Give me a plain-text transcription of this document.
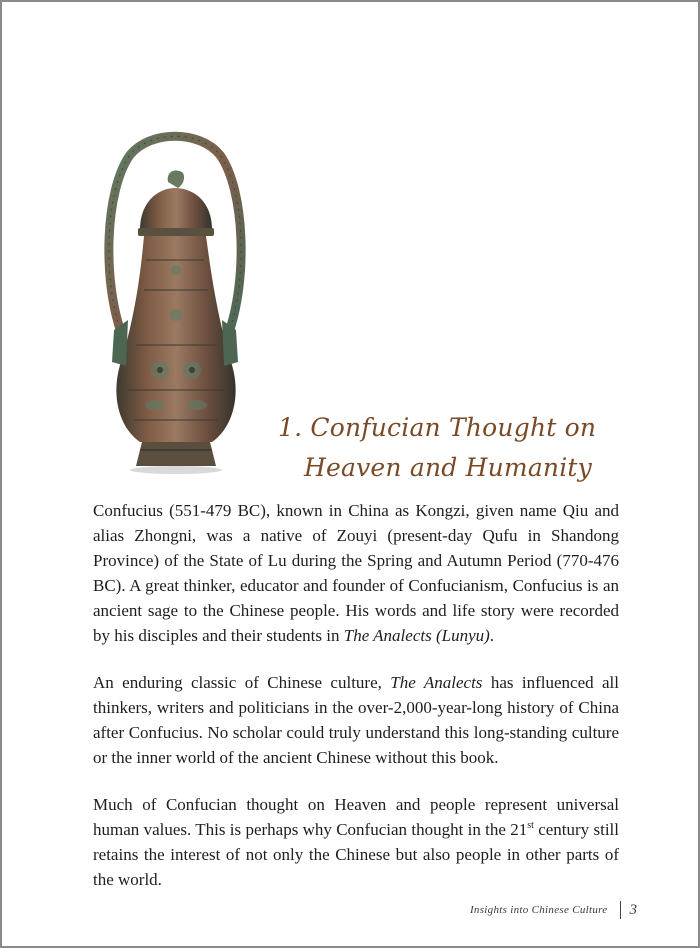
1. Confucian Thought on
Heaven and Humanity

Confucius (551-479 BC), known in China as Kongzi, given name Qiu and alias Zhongni, was a native of Zouyi (present-day Qufu in Shandong Province) of the State of Lu during the Spring and Autumn Period (770-476 BC). A great thinker, educator and founder of Confucianism, Confucius is an ancient sage to the Chinese people. His words and life story were recorded by his disciples and their students in The Analects (Lunyu).

An enduring classic of Chinese culture, The Analects has influenced all thinkers, writers and politicians in the over-2,000-year-long history of China after Confucius. No scholar could truly understand this long-standing culture or the inner world of the ancient Chinese without this book.

Much of Confucian thought on Heaven and people represent universal human values. This is perhaps why Confucian thought in the 21st century still retains the interest of not only the Chinese but also people in other parts of the world.

Insights into Chinese Culture 3
